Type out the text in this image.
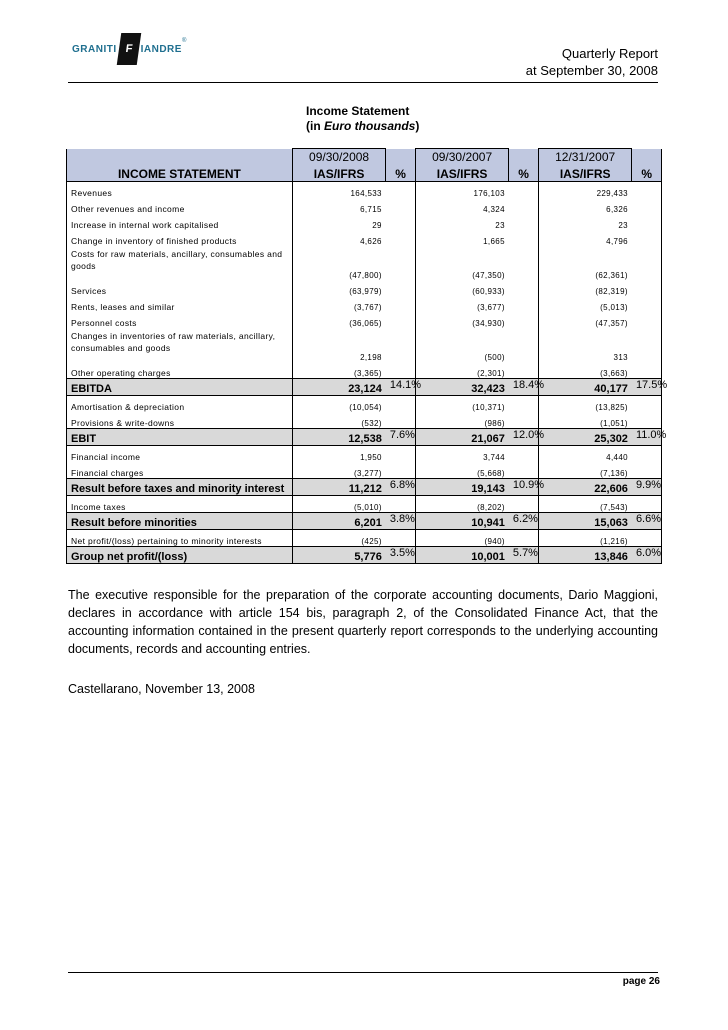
GRANITI F IANDRE
®
Quarterly Report
at September 30, 2008
Income Statement
(in Euro thousands)
	09/30/2008		09/30/2007		12/31/2007	
INCOME STATEMENT	IAS/IFRS	%	IAS/IFRS	%	IAS/IFRS	%
Revenues	164,533		176,103		229,433	
Other revenues and income	6,715		4,324		6,326	
Increase in internal work capitalised	29		23		23	
Change in inventory of finished products	4,626		1,665		4,796	
Costs for raw materials, ancillary, consumables and goods	(47,800)		(47,350)		(62,361)	
Services	(63,979)		(60,933)		(82,319)	
Rents, leases and similar	(3,767)		(3,677)		(5,013)	
Personnel costs	(36,065)		(34,930)		(47,357)	
Changes in inventories of raw materials, ancillary, consumables and goods	2,198		(500)		313	
Other operating charges	(3,365)		(2,301)		(3,663)	
EBITDA	23,124	14.1%	32,423	18.4%	40,177	17.5%
Amortisation & depreciation	(10,054)		(10,371)		(13,825)	
Provisions & write-downs	(532)		(986)		(1,051)	
EBIT	12,538	7.6%	21,067	12.0%	25,302	11.0%
Financial income	1,950		3,744		4,440	
Financial charges	(3,277)		(5,668)		(7,136)	
Result before taxes and minority interest	11,212	6.8%	19,143	10.9%	22,606	9.9%
Income taxes	(5,010)		(8,202)		(7,543)	
Result before minorities	6,201	3.8%	10,941	6.2%	15,063	6.6%
Net profit/(loss) pertaining to minority interests	(425)		(940)		(1,216)	
Group net profit/(loss)	5,776	3.5%	10,001	5.7%	13,846	6.0%
The executive responsible for the preparation of the corporate accounting documents, Dario Maggioni, declares in accordance with article 154 bis, paragraph 2, of the Consolidated Finance Act, that the accounting information contained in the present quarterly report corresponds to the underlying accounting documents, records and accounting entries.
Castellarano, November 13, 2008
page 26
